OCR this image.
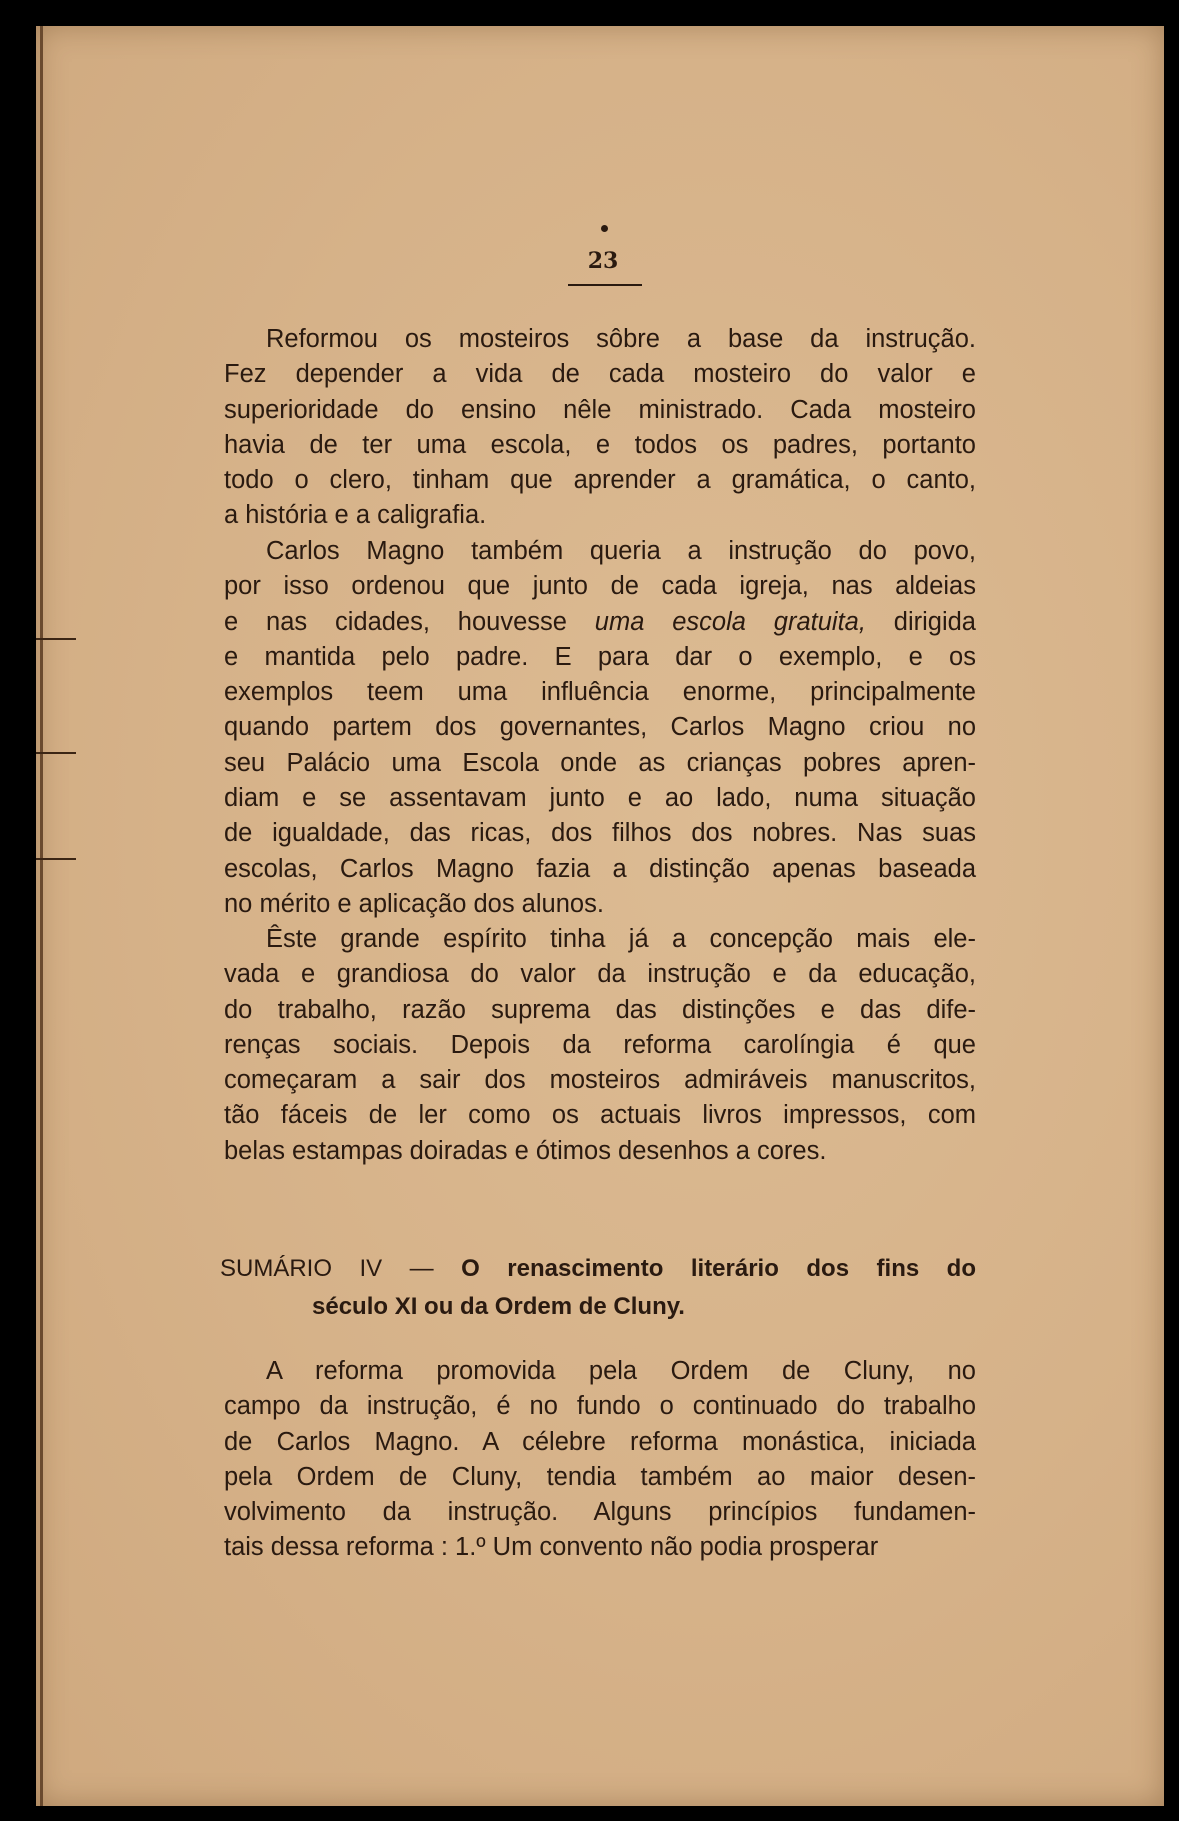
23
Reformou os mosteiros sôbre a base da instrução.
Fez depender a vida de cada mosteiro do valor e
superioridade do ensino nêle ministrado. Cada mosteiro
havia de ter uma escola, e todos os padres, portanto
todo o clero, tinham que aprender a gramática, o canto,
a história e a caligrafia.
Carlos Magno também queria a instrução do povo,
por isso ordenou que junto de cada igreja, nas aldeias
e nas cidades, houvesse uma escola gratuita, dirigida
e mantida pelo padre. E para dar o exemplo, e os
exemplos teem uma influência enorme, principalmente
quando partem dos governantes, Carlos Magno criou no
seu Palácio uma Escola onde as crianças pobres apren-
diam e se assentavam junto e ao lado, numa situação
de igualdade, das ricas, dos filhos dos nobres. Nas suas
escolas, Carlos Magno fazia a distinção apenas baseada
no mérito e aplicação dos alunos.
Êste grande espírito tinha já a concepção mais ele-
vada e grandiosa do valor da instrução e da educação,
do trabalho, razão suprema das distinções e das dife-
renças sociais. Depois da reforma carolíngia é que
começaram a sair dos mosteiros admiráveis manuscritos,
tão fáceis de ler como os actuais livros impressos, com
belas estampas doiradas e ótimos desenhos a cores.
SUMÁRIO IV — O renascimento literário dos fins do
século XI ou da Ordem de Cluny.
A reforma promovida pela Ordem de Cluny, no
campo da instrução, é no fundo o continuado do trabalho
de Carlos Magno. A célebre reforma monástica, iniciada
pela Ordem de Cluny, tendia também ao maior desen-
volvimento da instrução. Alguns princípios fundamen-
tais dessa reforma : 1.º Um convento não podia prosperar
